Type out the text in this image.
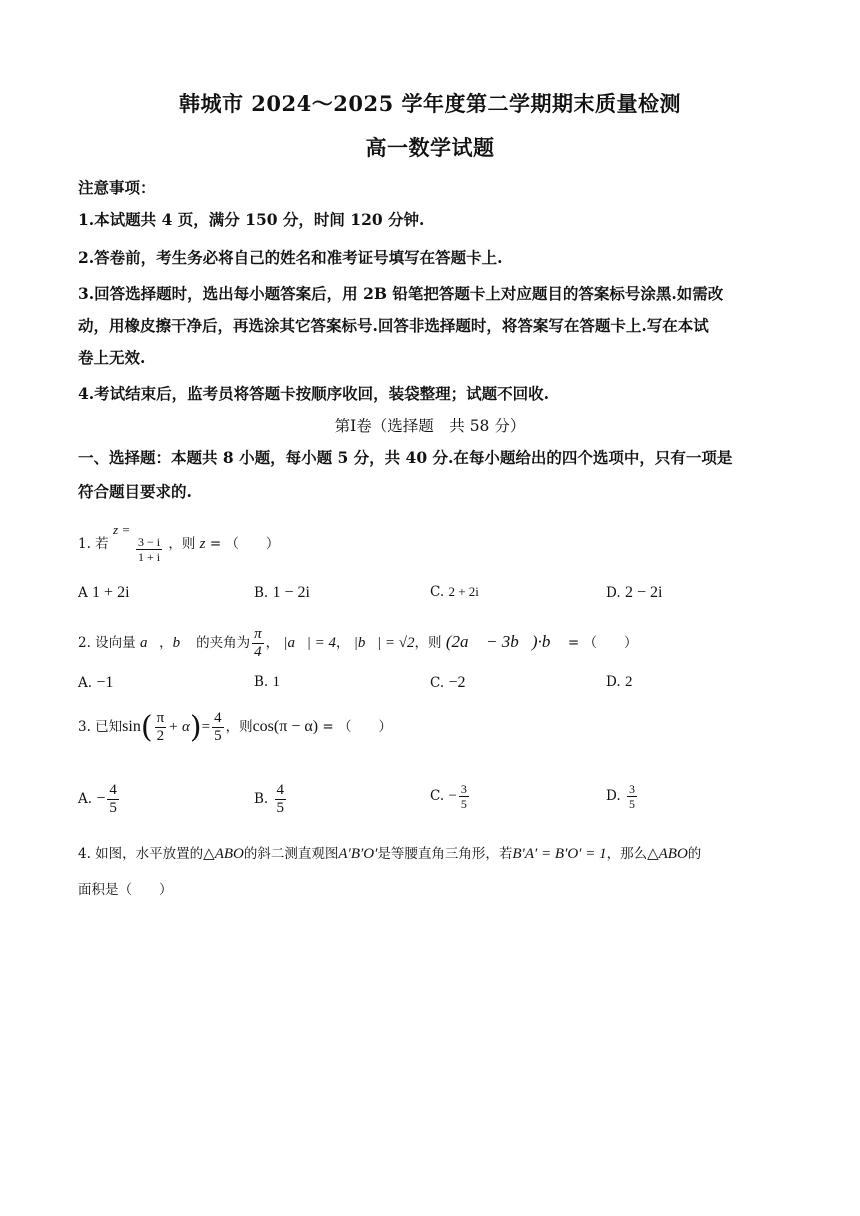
韩城市 2024～2025 学年度第二学期期末质量检测
高一数学试题
注意事项：
1.本试题共 4 页，满分 150 分，时间 120 分钟.
2.答卷前，考生务必将自己的姓名和准考证号填写在答题卡上.
3.回答选择题时，选出每小题答案后，用 2B 铅笔把答题卡上对应题目的答案标号涂黑.如需改
动，用橡皮擦干净后，再选涂其它答案标号.回答非选择题时，将答案写在答题卡上.写在本试
卷上无效.
4.考试结束后，监考员将答题卡按顺序收回，装袋整理；试题不回收.
第Ⅰ卷（选择题　共 58 分）
一、选择题：本题共 8 小题，每小题 5 分，共 40 分.在每小题给出的四个选项中，只有一项是
符合题目要求的.
1. 若 z =
$\frac{3 - i}{1 + i}$ ，则 z = （　　）
A 1 + 2i	B. 1 − 2i	C. 2 + 2i	D. 2 − 2i
2. 设向量 a⃗，b⃗ 的夹角为 $\frac{\pi}{4}$ ， |a⃗| = 4， |b⃗| = √2，则 (2a⃗ − 3b⃗)·b⃗ = （　　）
A. −1	B. 1	C. −2	D. 2
3. 已知$\sin( \frac{\pi}{2} + \alpha)= \frac{4}{5}$ ，则cos(π − α) = （　　）
A. − $\frac{4}{5}$	B. $\frac{4}{5}$	C. − $\frac{3}{5}$	D. $\frac{3}{5}$
4. 如图，水平放置的△ABO的斜二测直观图A′B′O′是等腰直角三角形，若B′A′ = B′O′ = 1，那么△ABO的
面积是（　　）
